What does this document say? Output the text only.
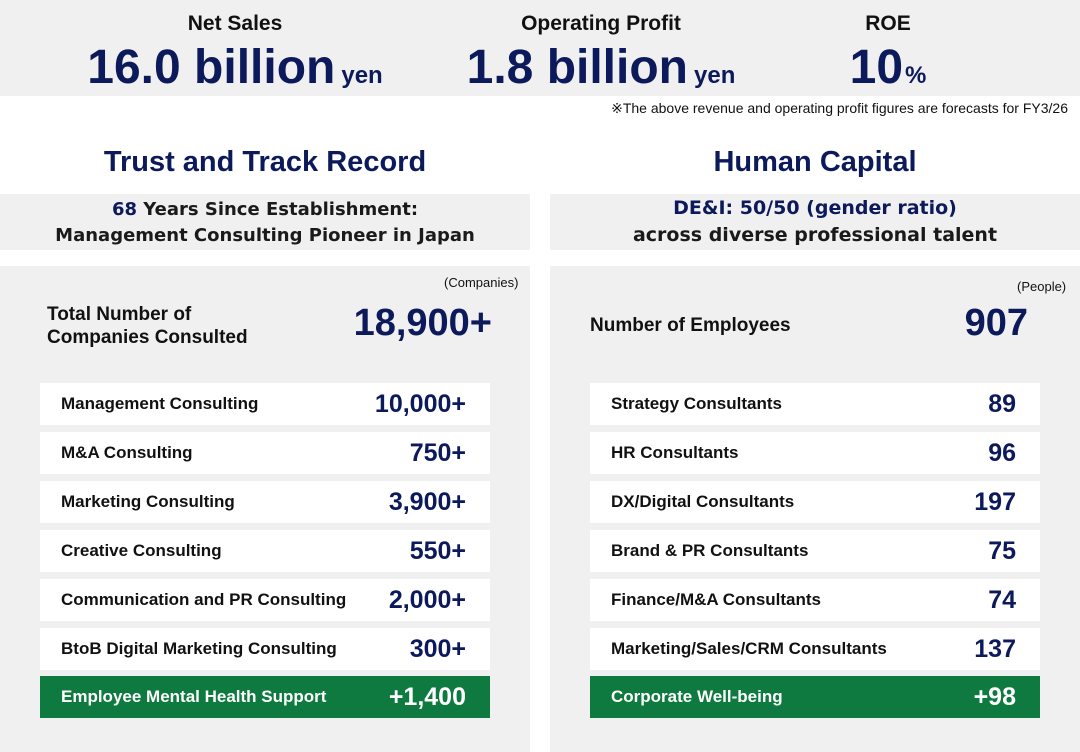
Net Sales
16.0 billion yen
Operating Profit
1.8 billion yen
ROE
10%
※The above revenue and operating profit figures are forecasts for FY3/26
Trust and Track Record	Human Capital
68 Years Since Establishment:
Management Consulting Pioneer in Japan
DE&I: 50/50 (gender ratio)
across diverse professional talent
(Companies)
Total Number of
Companies Consulted	18,900+
Management Consulting	10,000+
M&A Consulting	750+
Marketing Consulting	3,900+
Creative Consulting	550+
Communication and PR Consulting 2,000+
BtoB Digital Marketing Consulting	300+
Employee Mental Health Support +1,400
(People)
Number of Employees	907
Strategy Consultants	89
HR Consultants	96
DX/Digital Consultants	197
Brand & PR Consultants	75
Finance/M&A Consultants	74
Marketing/Sales/CRM Consultants	137
Corporate Well-being	+98
